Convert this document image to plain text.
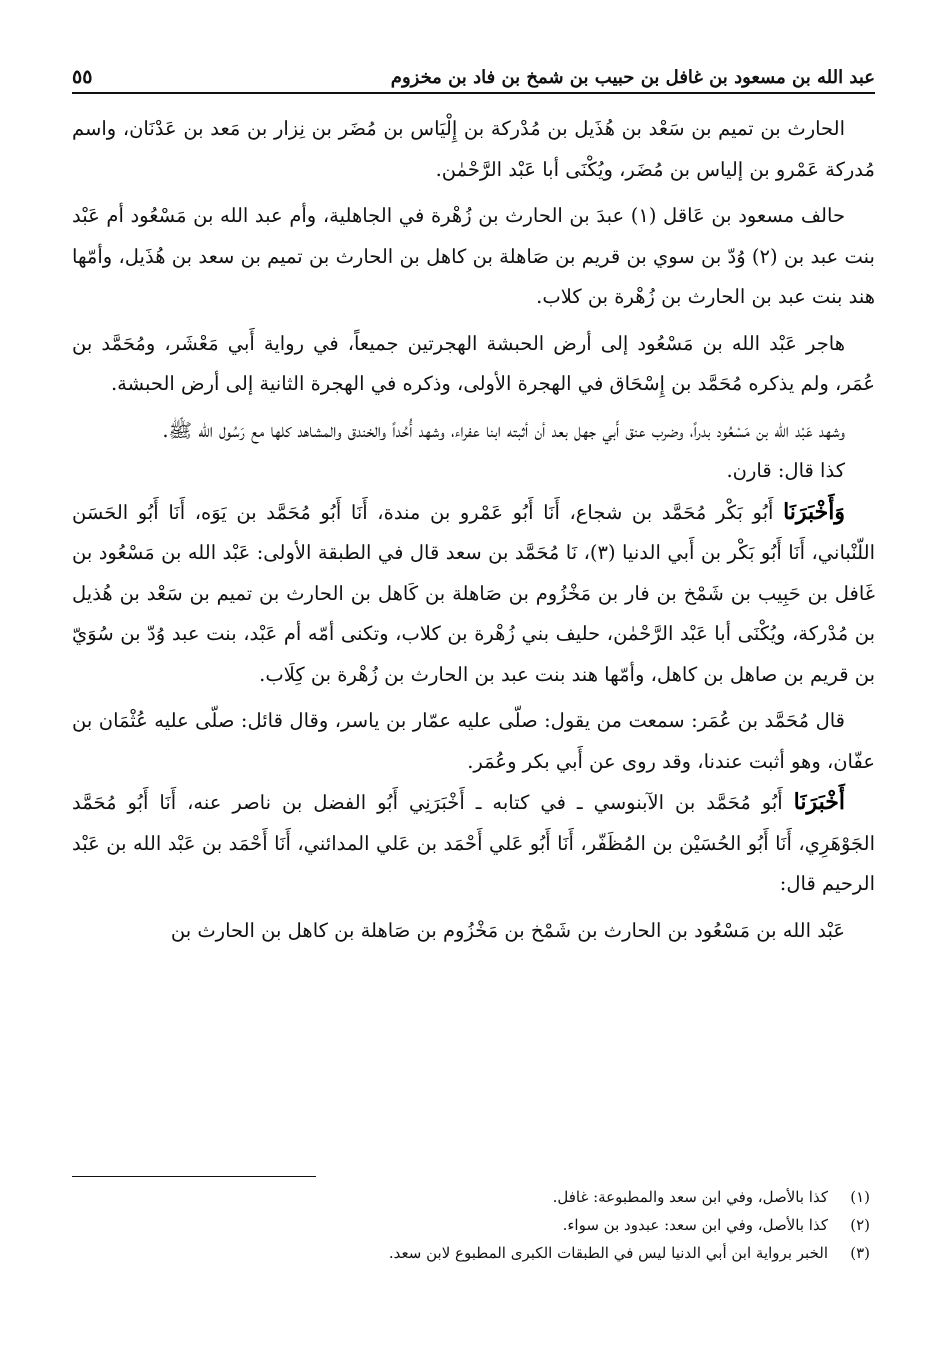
عبد الله بن مسعود بن غافل بن حبيب بن شمخ بن فاد بن مخزوم
٥٥

الحارث بن تميم بن سَعْد بن هُذَيل بن مُدْركة بن إِلْيَاس بن مُضَر بن نِزار بن مَعد بن عَدْنَان، واسم مُدركة عَمْرو بن إلياس بن مُضَر، ويُكْنَى أبا عَبْد الرَّحْمٰن.

حالف مسعود بن عَاقل (١) عبدَ بن الحارث بن زُهْرة في الجاهلية، وأم عبد الله بن مَسْعُود أم عَبْد بنت عبد بن (٢) وُدّ بن سوي بن قريم بن صَاهلة بن كاهل بن الحارث بن تميم بن سعد بن هُذَيل، وأمّها هند بنت عبد بن الحارث بن زُهْرة بن كلاب.

هاجر عَبْد الله بن مَسْعُود إلى أرض الحبشة الهجرتين جميعاً، في رواية أَبي مَعْشَر، ومُحَمَّد بن عُمَر، ولم يذكره مُحَمَّد بن إِسْحَاق في الهجرة الأولى، وذكره في الهجرة الثانية إلى أرض الحبشة.

وشهد عَبْد الله بن مَسْعُود بدراً، وضرب عنق أَبي جهل بعد أن أثبته ابنا عفراء، وشهد أُحُداً والخندق والمشاهد كلها مع رَسُول الله ﷺ.

كذا قال: قارن.

وَأَخْبَرَنَا أَبُو بَكْر مُحَمَّد بن شجاع، أَنَا أَبُو عَمْرو بن مندة، أَنَا أَبُو مُحَمَّد بن يَوَه، أَنَا أَبُو الحَسَن اللّنْباني، أَنَا أَبُو بَكْر بن أَبي الدنيا (٣)، نَا مُحَمَّد بن سعد قال في الطبقة الأولى: عَبْد الله بن مَسْعُود بن غَافل بن حَبِيب بن شَمْخ بن فار بن مَخْزُوم بن صَاهلة بن كَاهل بن الحارث بن تميم بن سَعْد بن هُذيل بن مُدْركة، ويُكْنَى أبا عَبْد الرَّحْمٰن، حليف بني زُهْرة بن كلاب، وتكنى أمّه أم عَبْد، بنت عبد وُدّ بن سُوَيّ بن قريم بن صاهل بن كاهل، وأمّها هند بنت عبد بن الحارث بن زُهْرة بن كِلَاب.

قال مُحَمَّد بن عُمَر: سمعت من يقول: صلّى عليه عمّار بن ياسر، وقال قائل: صلّى عليه عُثْمَان بن عفّان، وهو أثبت عندنا، وقد روى عن أَبي بكر وعُمَر.

أَخْبَرَنَا أَبُو مُحَمَّد بن الآبنوسي ـ في كتابه ـ أَخْبَرَنِي أَبُو الفضل بن ناصر عنه، أَنَا أَبُو مُحَمَّد الجَوْهَرِي، أَنَا أَبُو الحُسَيْن بن المُظَفّر، أَنَا أَبُو عَلي أَحْمَد بن عَلي المدائني، أَنَا أَحْمَد بن عَبْد الله بن عَبْد الرحيم قال:

عَبْد الله بن مَسْعُود بن الحارث بن شَمْخ بن مَخْزُوم بن صَاهلة بن كاهل بن الحارث بن

(١)
كذا بالأصل، وفي ابن سعد والمطبوعة: غافل.
(٢)
كذا بالأصل، وفي ابن سعد: عبدود بن سواء.
(٣)
الخبر برواية ابن أبي الدنيا ليس في الطبقات الكبرى المطبوع لابن سعد.
